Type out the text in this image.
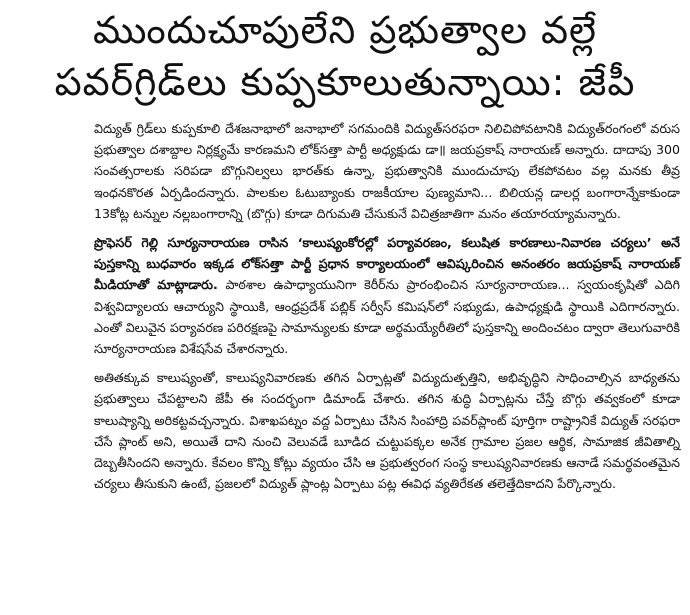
ముందుచూపులేని ప్రభుత్వాల వల్లే
పవర్‌గ్రిడ్‌లు కుప్పకూలుతున్నాయి: జేపీ

విద్యుత్ గ్రిడ్‌లు కుప్పకూలి దేశజనాభాలో జనాభాలో సగమందికి విద్యుత్‌సరఫరా నిలిచిపోవటానికి విద్యుత్‌రంగంలో వరుస ప్రభుత్వాల దశాబ్దాల నిర్లక్ష్యమే కారణమని లోక్‌సత్తా పార్టీ అధ్యక్షుడు డా॥ జయప్రకాష్ నారాయణ్ అన్నారు. దాదాపు 300 సంవత్సరాలకు సరిపడా బొగ్గునిల్వలు భారత్‌కు ఉన్నా, ప్రభుత్వానికి ముందుచూపు లేకపోవటం వల్ల మనకు తీవ్ర ఇంధనకొరత ఏర్పడిందన్నారు. పాలకుల ఓటుబ్యాంకు రాజకీయాల పుణ్యమాని... బిలియన్ల డాలర్ల బంగారాన్నేకాకుండా 13కోట్ల టన్నుల నల్లబంగారాన్ని (బొగ్గు) కూడా దిగుమతి చేసుకునే విచిత్రజాతిగా మనం తయారయ్యామన్నారు.

ప్రొఫెసర్ గెల్లి సూర్యనారాయణ రాసిన ‘కాలుష్యంకోరల్లో పర్యావరణం, కలుషిత కారణాలు-నివారణ చర్యలు’ అనే పుస్తకాన్ని బుధవారం ఇక్కడ లోక్‌సత్తా పార్టీ ప్రధాన కార్యాలయంలో ఆవిష్కరించిన అనంతరం జయప్రకాష్ నారాయణ్ మీడియాతో మాట్లాడారు. పాఠశాల ఉపాధ్యాయునిగా కెరీర్‌ను ప్రారంభించిన సూర్యనారాయణ... స్వయంకృషితో ఎదిగి విశ్వవిద్యాలయ ఆచార్యుని స్థాయికి, ఆంధ్రప్రదేశ్ పబ్లిక్ సర్వీస్ కమిషన్‌లో సభ్యుడు, ఉపాధ్యక్షుడి స్థాయికి ఎదిగారన్నారు. ఎంతో విలువైన పర్యావరణ పరిరక్షణపై సామాన్యులకు కూడా అర్థమయ్యేరీతిలో పుస్తకాన్ని అందించటం ద్వారా తెలుగువారికి సూర్యనారాయణ విశేషసేవ చేశారన్నారు.

అతితక్కువ కాలుష్యంతో, కాలుష్యనివారణకు తగిన ఏర్పాట్లతో విద్యుదుత్పత్తిని, అభివృద్ధిని సాధించాల్సిన బాధ్యతను ప్రభుత్వాలు చేపట్టాలని జేపీ ఈ సందర్భంగా డిమాండ్ చేశారు. తగిన శుద్ధి ఏర్పాట్లను చేస్తే బొగ్గు తవ్వకంలో కూడా కాలుష్యాన్ని అరికట్టవచ్చన్నారు. విశాఖపట్నం వద్ద ఏర్పాటు చేసిన సింహాద్రి పవర్‌ప్లాంట్ పూర్తిగా రాష్ట్రానికే విద్యుత్ సరఫరా చేసే ప్లాంట్ అని, అయితే దాని నుంచి వెలువడే బూడిద చుట్టుపక్కల అనేక గ్రామాల ప్రజల ఆర్థిక, సామాజిక జీవితాల్ని దెబ్బతీసిందని అన్నారు. కేవలం కొన్ని కోట్లు వ్యయం చేసి ఆ ప్రభుత్వరంగ సంస్థ కాలుష్యనివారణకు ఆనాడే సమర్థవంతమైన చర్యలు తీసుకుని ఉంటే, ప్రజలలో విద్యుత్ ప్లాంట్ల ఏర్పాటు పట్ల ఈవిధ వ్యతిరేకత తలెత్తేదికాదని పేర్కొన్నారు.
